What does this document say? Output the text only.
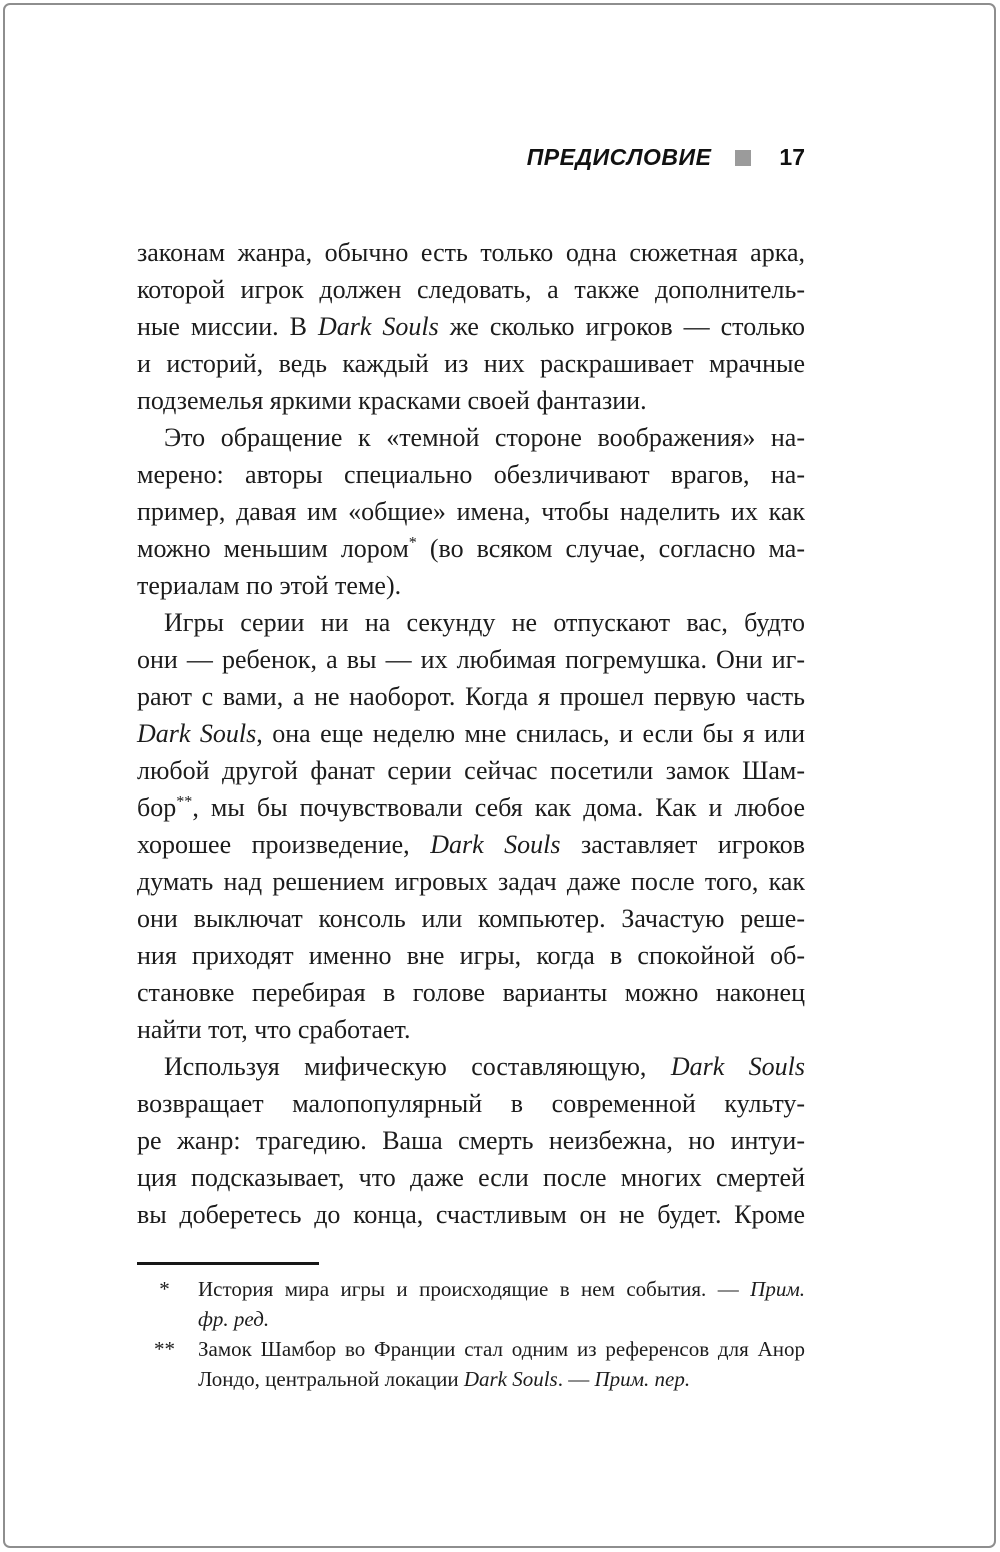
ПРЕДИСЛОВИЕ	17
законам жанра, обычно есть только одна сюжетная арка,
которой игрок должен следовать, а также дополнитель-
ные миссии. В Dark Souls же сколько игроков — столько
и историй, ведь каждый из них раскрашивает мрачные
подземелья яркими красками своей фантазии.
Это обращение к «темной стороне воображения» на-
мерено: авторы специально обезличивают врагов, на-
пример, давая им «общие» имена, чтобы наделить их как
можно меньшим лором* (во всяком случае, согласно ма-
териалам по этой теме).
Игры серии ни на секунду не отпускают вас, будто
они — ребенок, а вы — их любимая погремушка. Они иг-
рают с вами, а не наоборот. Когда я прошел первую часть
Dark Souls, она еще неделю мне снилась, и если бы я или
любой другой фанат серии сейчас посетили замок Шам-
бор**, мы бы почувствовали себя как дома. Как и любое
хорошее произведение, Dark Souls заставляет игроков
думать над решением игровых задач даже после того, как
они выключат консоль или компьютер. Зачастую реше-
ния приходят именно вне игры, когда в спокойной об-
становке перебирая в голове варианты можно наконец
найти тот, что сработает.
Используя мифическую составляющую, Dark Souls
возвращает малопопулярный в современной культу-
ре жанр: трагедию. Ваша смерть неизбежна, но интуи-
ция подсказывает, что даже если после многих смертей
вы доберетесь до конца, счастливым он не будет. Кроме
*	История мира игры и происходящие в нем события. — Прим.
фр. ред.
**	Замок Шамбор во Франции стал одним из референсов для Анор
Лондо, центральной локации Dark Souls. — Прим. пер.
